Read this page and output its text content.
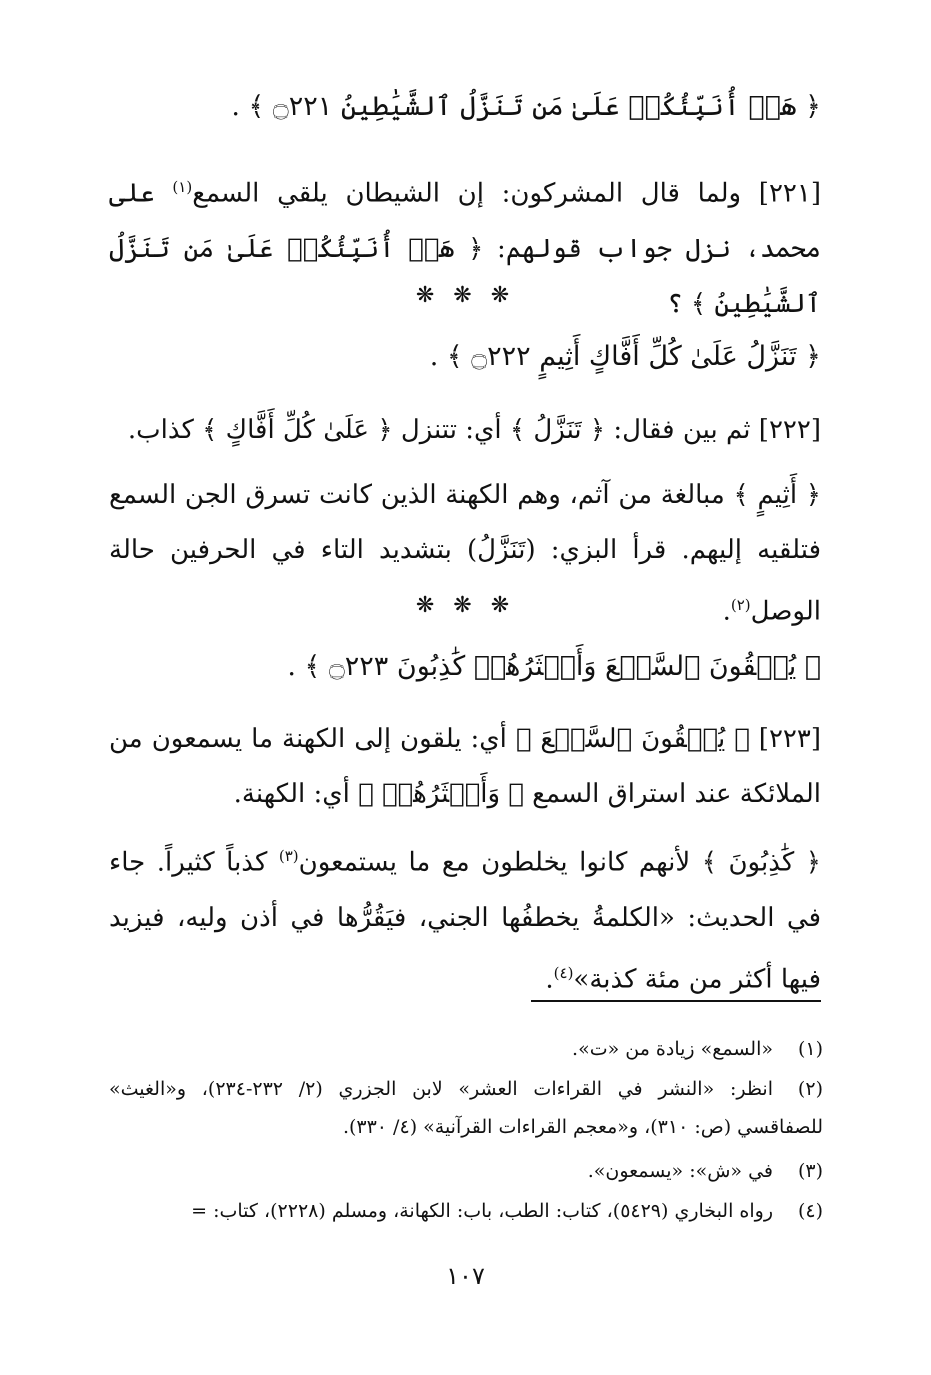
﴿ هَلۡ أُنَبِّئُكُمۡ عَلَىٰ مَن تَنَزَّلُ ٱلشَّيَٰطِينُ ۝٢٢١ ﴾ .
[٢٢١] ولما قال المشركون: إن الشيطان يلقي السمع$^{(١)}$ على محمد، نزل جواب قولهم: ﴿ هَلۡ أُنَبِّئُكُمۡ عَلَىٰ مَن تَنَزَّلُ ٱلشَّيَٰطِينُ ﴾ ؟
❋ ❋ ❋
﴿ تَنَزَّلُ عَلَىٰ كُلِّ أَفَّاكٍ أَثِيمٍ ۝٢٢٢ ﴾ .
[٢٢٢] ثم بين فقال: ﴿ تَنَزَّلُ ﴾ أي: تتنزل ﴿ عَلَىٰ كُلِّ أَفَّاكٍ ﴾ كذاب.
﴿ أَثِيمٍ ﴾ مبالغة من آثم، وهم الكهنة الذين كانت تسرق الجن السمع فتلقيه إليهم. قرأ البزي: (تَنَزَّلُ) بتشديد التاء في الحرفين حالة الوصل$^{(٢)}$.
❋ ❋ ❋
﴿ يُلۡقُونَ ٱلسَّمۡعَ وَأَكۡثَرُهُمۡ كَٰذِبُونَ ۝٢٢٣ ﴾ .
[٢٢٣] ﴿ يُلۡقُونَ ٱلسَّمۡعَ ﴾ أي: يلقون إلى الكهنة ما يسمعون من الملائكة عند استراق السمع ﴿ وَأَكۡثَرُهُمۡ ﴾ أي: الكهنة.
﴿ كَٰذِبُونَ ﴾ لأنهم كانوا يخلطون مع ما يستمعون$^{(٣)}$ كذباً كثيراً. جاء في الحديث: «الكلمةُ يخطفُها الجني، فيَقُرُّها في أذن وليه، فيزيد فيها أكثر من مئة كذبة»$^{(٤)}$.
(١)«السمع» زيادة من «ت».
(٢)انظر: «النشر في القراءات العشر» لابن الجزري (٢/ ٢٣٢-٢٣٤)، و«الغيث» للصفاقسي (ص: ٣١٠)، و«معجم القراءات القرآنية» (٤/ ٣٣٠).
(٣)في «ش»: «يسمعون».
(٤)رواه البخاري (٥٤٢٩)، كتاب: الطب، باب: الكهانة، ومسلم (٢٢٢٨)، كتاب: =
١٠٧
